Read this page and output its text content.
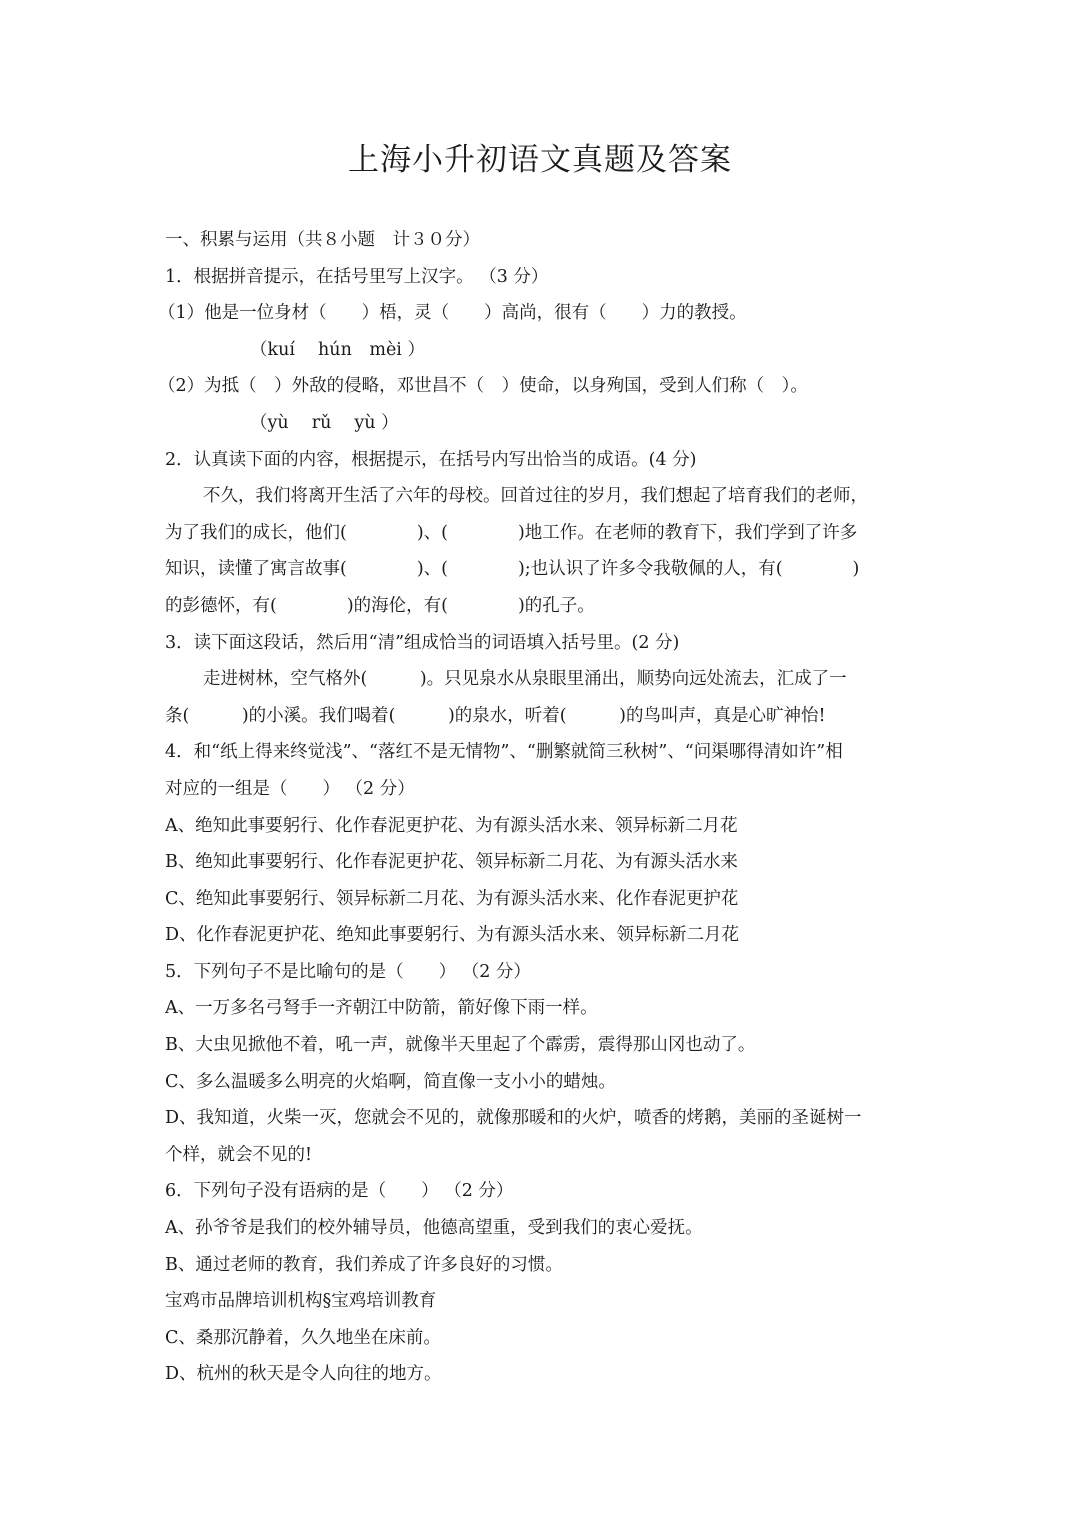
上海小升初语文真题及答案
一、积累与运用（共８小题　计３０分）
1．根据拼音提示，在括号里写上汉字。 （3 分）
（1）他是一位身材（　　）梧，灵（　　）高尚，很有（　　）力的教授。
（kuí　 hún　mèi ）
（2）为抵（　）外敌的侵略，邓世昌不（　）使命，以身殉国，受到人们称（　）。
（yù　 rǔ　 yù ）
2．认真读下面的内容，根据提示，在括号内写出恰当的成语。(4 分)
不久，我们将离开生活了六年的母校。回首过往的岁月，我们想起了培育我们的老师，
为了我们的成长，他们(　　　　)、(　　　　)地工作。在老师的教育下，我们学到了许多
知识，读懂了寓言故事(　　　　)、(　　　　);也认识了许多令我敬佩的人，有(　　　　)
的彭德怀，有(　　　　)的海伦，有(　　　　)的孔子。
3．读下面这段话，然后用“清”组成恰当的词语填入括号里。(2 分)
走进树林，空气格外(　　　)。只见泉水从泉眼里涌出，顺势向远处流去，汇成了一
条(　　　)的小溪。我们喝着(　　　)的泉水，听着(　　　)的鸟叫声，真是心旷神怡!
4．和“纸上得来终觉浅”、“落红不是无情物”、“删繁就简三秋树”、“问渠哪得清如许”相
对应的一组是（　　） （2 分）
A、绝知此事要躬行、化作春泥更护花、为有源头活水来、领异标新二月花
B、绝知此事要躬行、化作春泥更护花、领异标新二月花、为有源头活水来
C、绝知此事要躬行、领异标新二月花、为有源头活水来、化作春泥更护花
D、化作春泥更护花、绝知此事要躬行、为有源头活水来、领异标新二月花
5．下列句子不是比喻句的是（　　） （2 分）
A、一万多名弓弩手一齐朝江中防箭，箭好像下雨一样。
B、大虫见掀他不着，吼一声，就像半天里起了个霹雳，震得那山冈也动了。
C、多么温暖多么明亮的火焰啊，简直像一支小小的蜡烛。
D、我知道，火柴一灭，您就会不见的，就像那暖和的火炉，喷香的烤鹅，美丽的圣诞树一
个样，就会不见的!
6．下列句子没有语病的是（　　） （2 分）
A、孙爷爷是我们的校外辅导员，他德高望重，受到我们的衷心爱抚。
B、通过老师的教育，我们养成了许多良好的习惯。
宝鸡市品牌培训机构§宝鸡培训教育
C、桑那沉静着，久久地坐在床前。
D、杭州的秋天是令人向往的地方。
